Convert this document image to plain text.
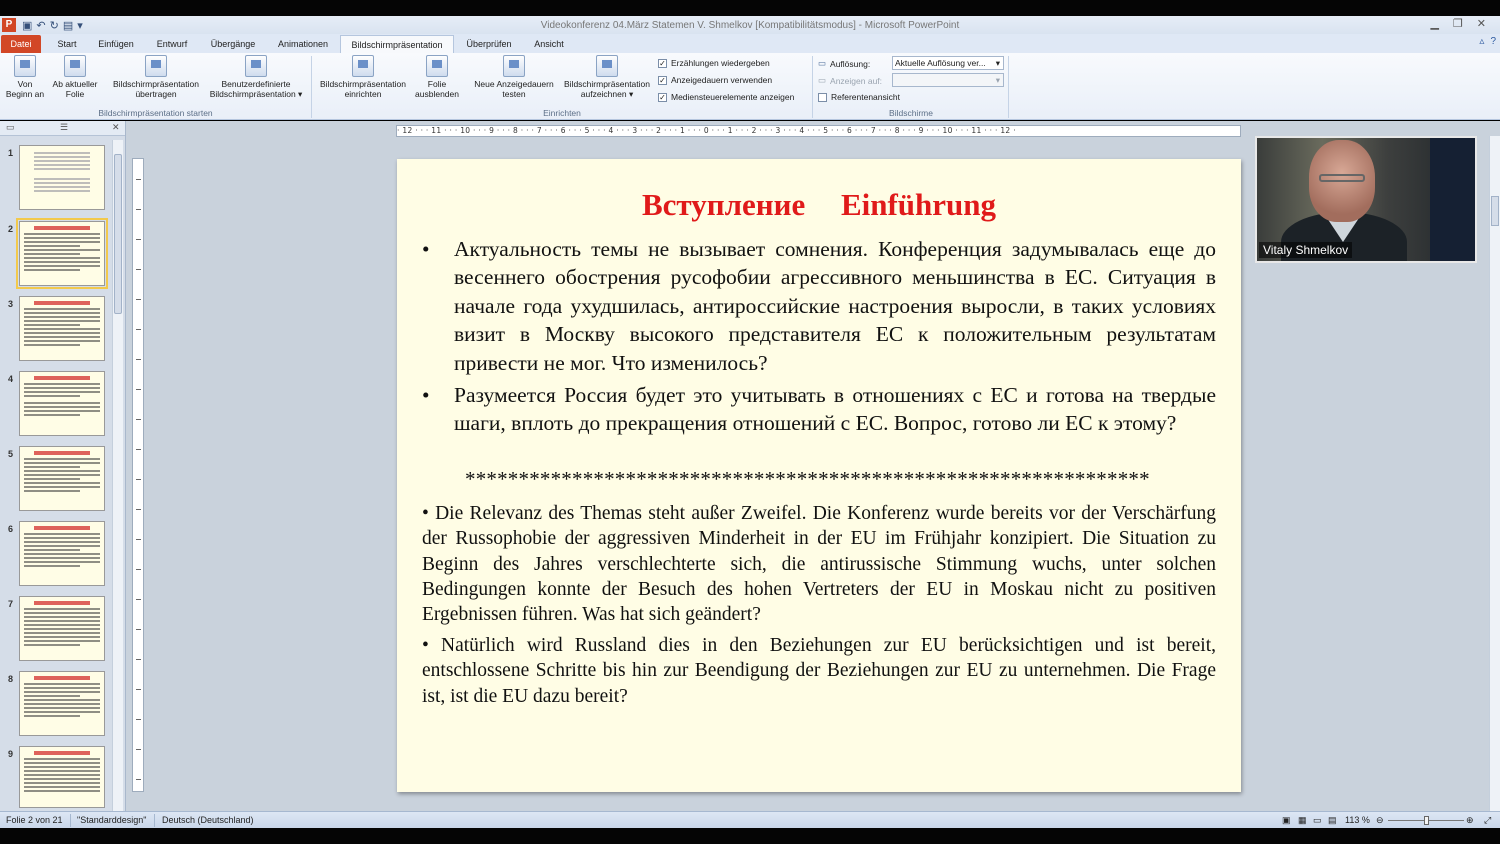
P ▣ ↶ ↻ ▤ ▾	Videokonferenz 04.März Statemen V. Shmelkov [Kompatibilitätsmodus] - Microsoft PowerPoint	▁ ❐ ✕
Datei	Start	Einfügen	Entwurf	Übergänge	Animationen	Bildschirmpräsentation	Überprüfen	Ansicht	▵ ?
Von
Beginn an
Ab aktueller
Folie
Bildschirmpräsentation
übertragen
Benutzerdefinierte
Bildschirmpräsentation ▾
Bildschirmpräsentation starten
Bildschirmpräsentation
einrichten
Folie
ausblenden
Neue Anzeigedauern
testen
Bildschirmpräsentation
aufzeichnen ▾
✓ Erzählungen wiedergeben
✓ Anzeigedauern verwenden
✓ Mediensteuerelemente anzeigen
Einrichten
▭ Auflösung:	Aktuelle Auflösung ver... ▾
▭ Anzeigen auf:	▾
Referentenansicht
Bildschirme
▭	☰	✕
1
2
3
4
5
6
7
8
9
· 12 · · · 11 · · · 10 · · · 9 · · · 8 · · · 7 · · · 6 · · · 5 · · · 4 · · · 3 · · · 2 · · · 1 · · · 0 · · · 1 · · · 2 · · · 3 · · · 4 · · · 5 · · · 6 · · · 7 · · · 8 · · · 9 · · · 10 · · · 11 · · · 12 ·
Вступление Einführung
• Актуальность темы не вызывает сомнения. Конференция задумывалась еще до весеннего обострения русофобии агрессивного меньшинства в ЕС. Ситуация в начале года ухудшилась, антироссийские настроения выросли, в таких условиях визит в Москву высокого представителя ЕС к положительным результатам привести не мог. Что изменилось?
• Разумеется Россия будет это учитывать в отношениях с ЕС и готова на твердые шаги, вплоть до прекращения отношений с ЕС. Вопрос, готово ли ЕС к этому?
****************************************************************
• Die Relevanz des Themas steht außer Zweifel. Die Konferenz wurde bereits vor der Verschärfung der Russophobie der aggressiven Minderheit in der EU im Frühjahr konzipiert. Die Situation zu Beginn des Jahres verschlechterte sich, die antirussische Stimmung wuchs, unter solchen Bedingungen konnte der Besuch des hohen Vertreters der EU in Moskau nicht zu positiven Ergebnissen führen. Was hat sich geändert?
• Natürlich wird Russland dies in den Beziehungen zur EU berücksichtigen und ist bereit, entschlossene Schritte bis hin zur Beendigung der Beziehungen zur EU zu unternehmen. Die Frage ist, ist die EU dazu bereit?
Vitaly Shmelkov
Folie 2 von 21 "Standarddesign" Deutsch (Deutschland)	▣ ▦ ▭ ▤ 113 % ⊖	⊕ ⤢
